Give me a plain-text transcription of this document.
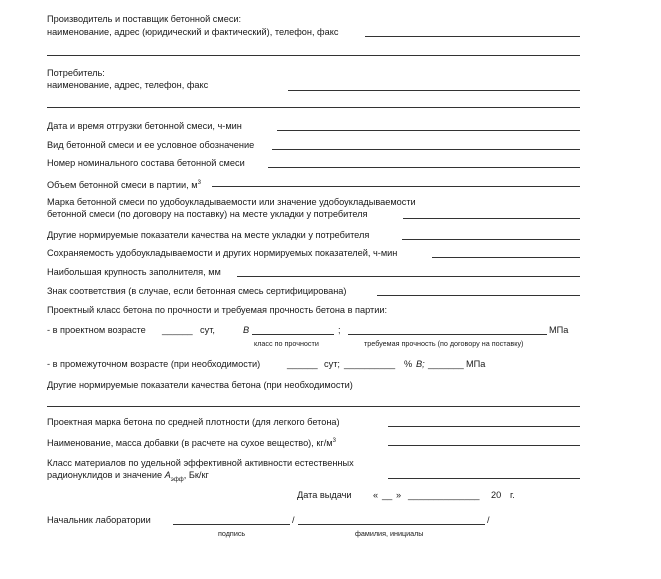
Производитель и поставщик бетонной смеси:
наименование, адрес (юридический и фактический), телефон, факс
Потребитель:
наименование, адрес, телефон, факс
Дата и время отгрузки бетонной смеси, ч-мин
Вид бетонной смеси и ее условное обозначение
Номер номинального состава бетонной смеси
Объем бетонной смеси в партии, $м^3$
Марка бетонной смеси по удобоукладываемости или значение удобоукладываемости
бетонной смеси (по договору на поставку) на месте укладки у потребителя
Другие нормируемые показатели качества на месте укладки у потребителя
Сохраняемость удобоукладываемости и других нормируемых показателей, ч-мин
Наибольшая крупность заполнителя, мм
Знак соответствия (в случае, если бетонная смесь сертифицирована)
Проектный класс бетона по прочности и требуемая прочность бетона в партии:
- в проектном возрасте ______ сут,	B	;	МПа
класс по прочности	требуемая прочность (по договору на поставку)
- в промежуточном возрасте (при необходимости)	______ сут; __________ % B; _______ МПа
Другие нормируемые показатели качества бетона (при необходимости)
Проектная марка бетона по средней плотности (для легкого бетона)
Наименование, масса добавки (в расчете на сухое вещество), $кг/м^3$
Класс материалов по удельной эффективной активности естественных
радионуклидов и значение $A_{эфф}$, Бк/кг
Дата выдачи « __ » ______________ 20 г.
Начальник лаборатории	/	/
подпись	фамилия, инициалы
